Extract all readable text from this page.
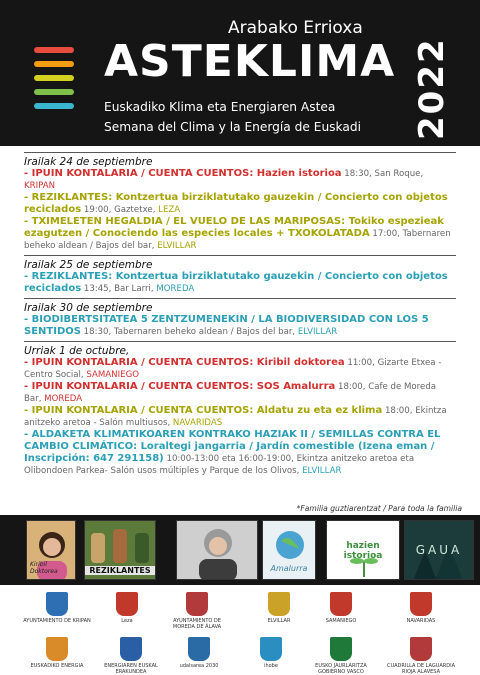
Arabako Errioxa
ASTEKLIMA
Euskadiko Klima eta Energiaren Astea
Semana del Clima y la Energía de Euskadi 2022
Irailak 24 de septiembre
- IPUIN KONTALARIA / CUENTA CUENTOS: Hazien istorioa 18:30, San Roque, KRIPAN
- REZIKLANTES: Kontzertua birziklatutako gauzekin / Concierto con objetos reciclados 19:00, Gaztetxe, LEZA
- TXIMELETEN HEGALDIA / EL VUELO DE LAS MARIPOSAS: Tokiko espezieak ezagutzen / Conociendo las especies locales + TXOKOLATADA 17:00, Tabernaren beheko aldean / Bajos del bar, ELVILLAR
Irailak 25 de septiembre
- REZIKLANTES: Kontzertua birziklatutako gauzekin / Concierto con objetos reciclados 13:45, Bar Larri, MOREDA
Irailak 30 de septiembre
- BIODIBERTSITATEA 5 ZENTZUMENEKIN / LA BIODIVERSIDAD CON LOS 5 SENTIDOS 18:30, Tabernaren beheko aldean / Bajos del bar, ELVILLAR
Urriak 1 de octubre,
- IPUIN KONTALARIA / CUENTA CUENTOS: Kiribil doktorea 11:00, Gizarte Etxea - Centro Social, SAMANIEGO
- IPUIN KONTALARIA / CUENTA CUENTOS: SOS Amalurra 18:00, Cafe de Moreda Bar, MOREDA
- IPUIN KONTALARIA / CUENTA CUENTOS: Aldatu zu eta ez klima 18:00, Ekintza anitzeko aretoa - Salón multiusos, NAVARIDAS
- ALDAKETA KLIMATIKOAREN KONTRAKO HAZIAK II / SEMILLAS CONTRA EL CAMBIO CLIMÁTICO: Loraltegi jangarria / Jardín comestible (Izena eman / Inscripción: 647 291158) 10:00-13:00 eta 16:00-19:00, Ekintza anitzeko aretoa eta Olibondoen Parkea- Salón usos múltiples y Parque de los Olivos, ELVILLAR
*Familia guztiarentzat / Para toda la familia
Kiribil Doktorea	REZIKLANTES	Amalurra
hazien istorioa	GAUA
AYUNTAMIENTO DE KRIPAN	Leza	AYUNTAMIENTO DE MOREDA DE ÁLAVA
ELVILLAR	SAMANIEGO	NAVARIDAS
EUSKADIKO ENERGIA	ENERGIAREN EUSKAL ERAKUNDEA
udalsarea 2030	ihobe	EUSKO JAURLARITZA GOBIERNO VASCO
CUADRILLA DE LAGUARDIA RIOJA ALAVESA
